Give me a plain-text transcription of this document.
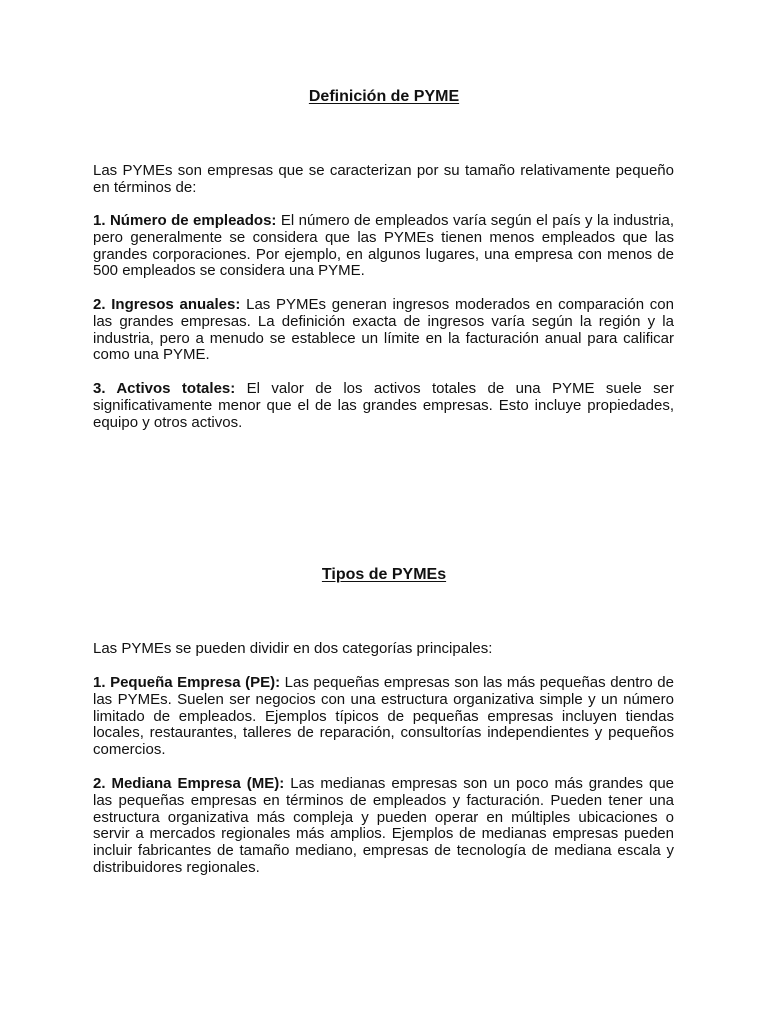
Definición de PYME

Las PYMEs son empresas que se caracterizan por su tamaño relativamente pequeño en términos de:

1. Número de empleados: El número de empleados varía según el país y la industria, pero generalmente se considera que las PYMEs tienen menos empleados que las grandes corporaciones. Por ejemplo, en algunos lugares, una empresa con menos de 500 empleados se considera una PYME.

2. Ingresos anuales: Las PYMEs generan ingresos moderados en comparación con las grandes empresas. La definición exacta de ingresos varía según la región y la industria, pero a menudo se establece un límite en la facturación anual para calificar como una PYME.

3. Activos totales: El valor de los activos totales de una PYME suele ser significativamente menor que el de las grandes empresas. Esto incluye propiedades, equipo y otros activos.

Tipos de PYMEs

Las PYMEs se pueden dividir en dos categorías principales:

1. Pequeña Empresa (PE): Las pequeñas empresas son las más pequeñas dentro de las PYMEs. Suelen ser negocios con una estructura organizativa simple y un número limitado de empleados. Ejemplos típicos de pequeñas empresas incluyen tiendas locales, restaurantes, talleres de reparación, consultorías independientes y pequeños comercios.

2. Mediana Empresa (ME): Las medianas empresas son un poco más grandes que las pequeñas empresas en términos de empleados y facturación. Pueden tener una estructura organizativa más compleja y pueden operar en múltiples ubicaciones o servir a mercados regionales más amplios. Ejemplos de medianas empresas pueden incluir fabricantes de tamaño mediano, empresas de tecnología de mediana escala y distribuidores regionales.
